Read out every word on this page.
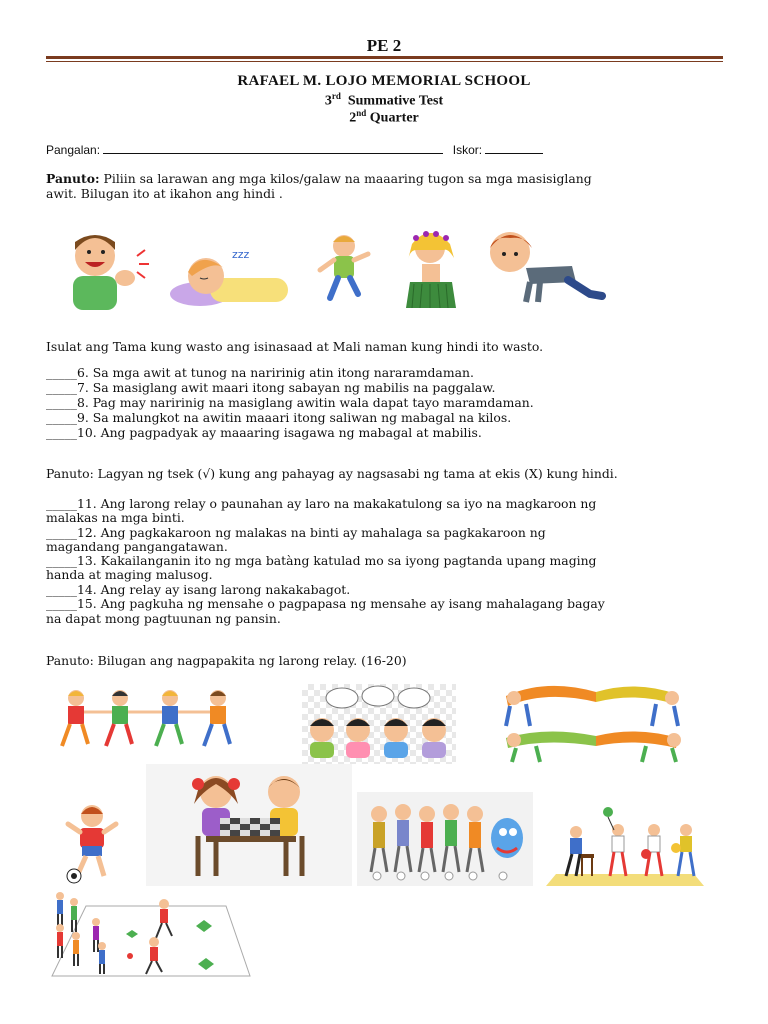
PE 2
RAFAEL M. LOJO MEMORIAL SCHOOL
3rd Summative Test
2nd Quarter
Pangalan:	Iskor:
Panuto: Piliin sa larawan ang mga kilos/galaw na maaaring tugon sa mga masisiglang
awit. Bilugan ito at ikahon ang hindi .
zzz
Isulat ang Tama kung wasto ang isinasaad at Mali naman kung hindi ito wasto.
_____6. Sa mga awit at tunog na naririnig atin itong nararamdaman.
_____7. Sa masiglang awit maari itong sabayan ng mabilis na paggalaw.
_____8. Pag may naririnig na masiglang awitin wala dapat tayo maramdaman.
_____9. Sa malungkot na awitin maaari itong saliwan ng mabagal na kilos.
_____10. Ang pagpadyak ay maaaring isagawa ng mabagal at mabilis.
Panuto: Lagyan ng tsek (√) kung ang pahayag ay nagsasabi ng tama at ekis (X) kung hindi.
_____11. Ang larong relay o paunahan ay laro na makakatulong sa iyo na magkaroon ng
malakas na mga binti.
_____12. Ang pagkakaroon ng malakas na binti ay mahalaga sa pagkakaroon ng
magandang pangangatawan.
_____13. Kakailanganin ito ng mga batàng katulad mo sa iyong pagtanda upang maging
handa at maging malusog.
_____14. Ang relay ay isang larong nakakabagot.
_____15. Ang pagkuha ng mensahe o pagpapasa ng mensahe ay isang mahalagang bagay
na dapat mong pagtuunan ng pansin.
Panuto: Bilugan ang nagpapakita ng larong relay. (16-20)
